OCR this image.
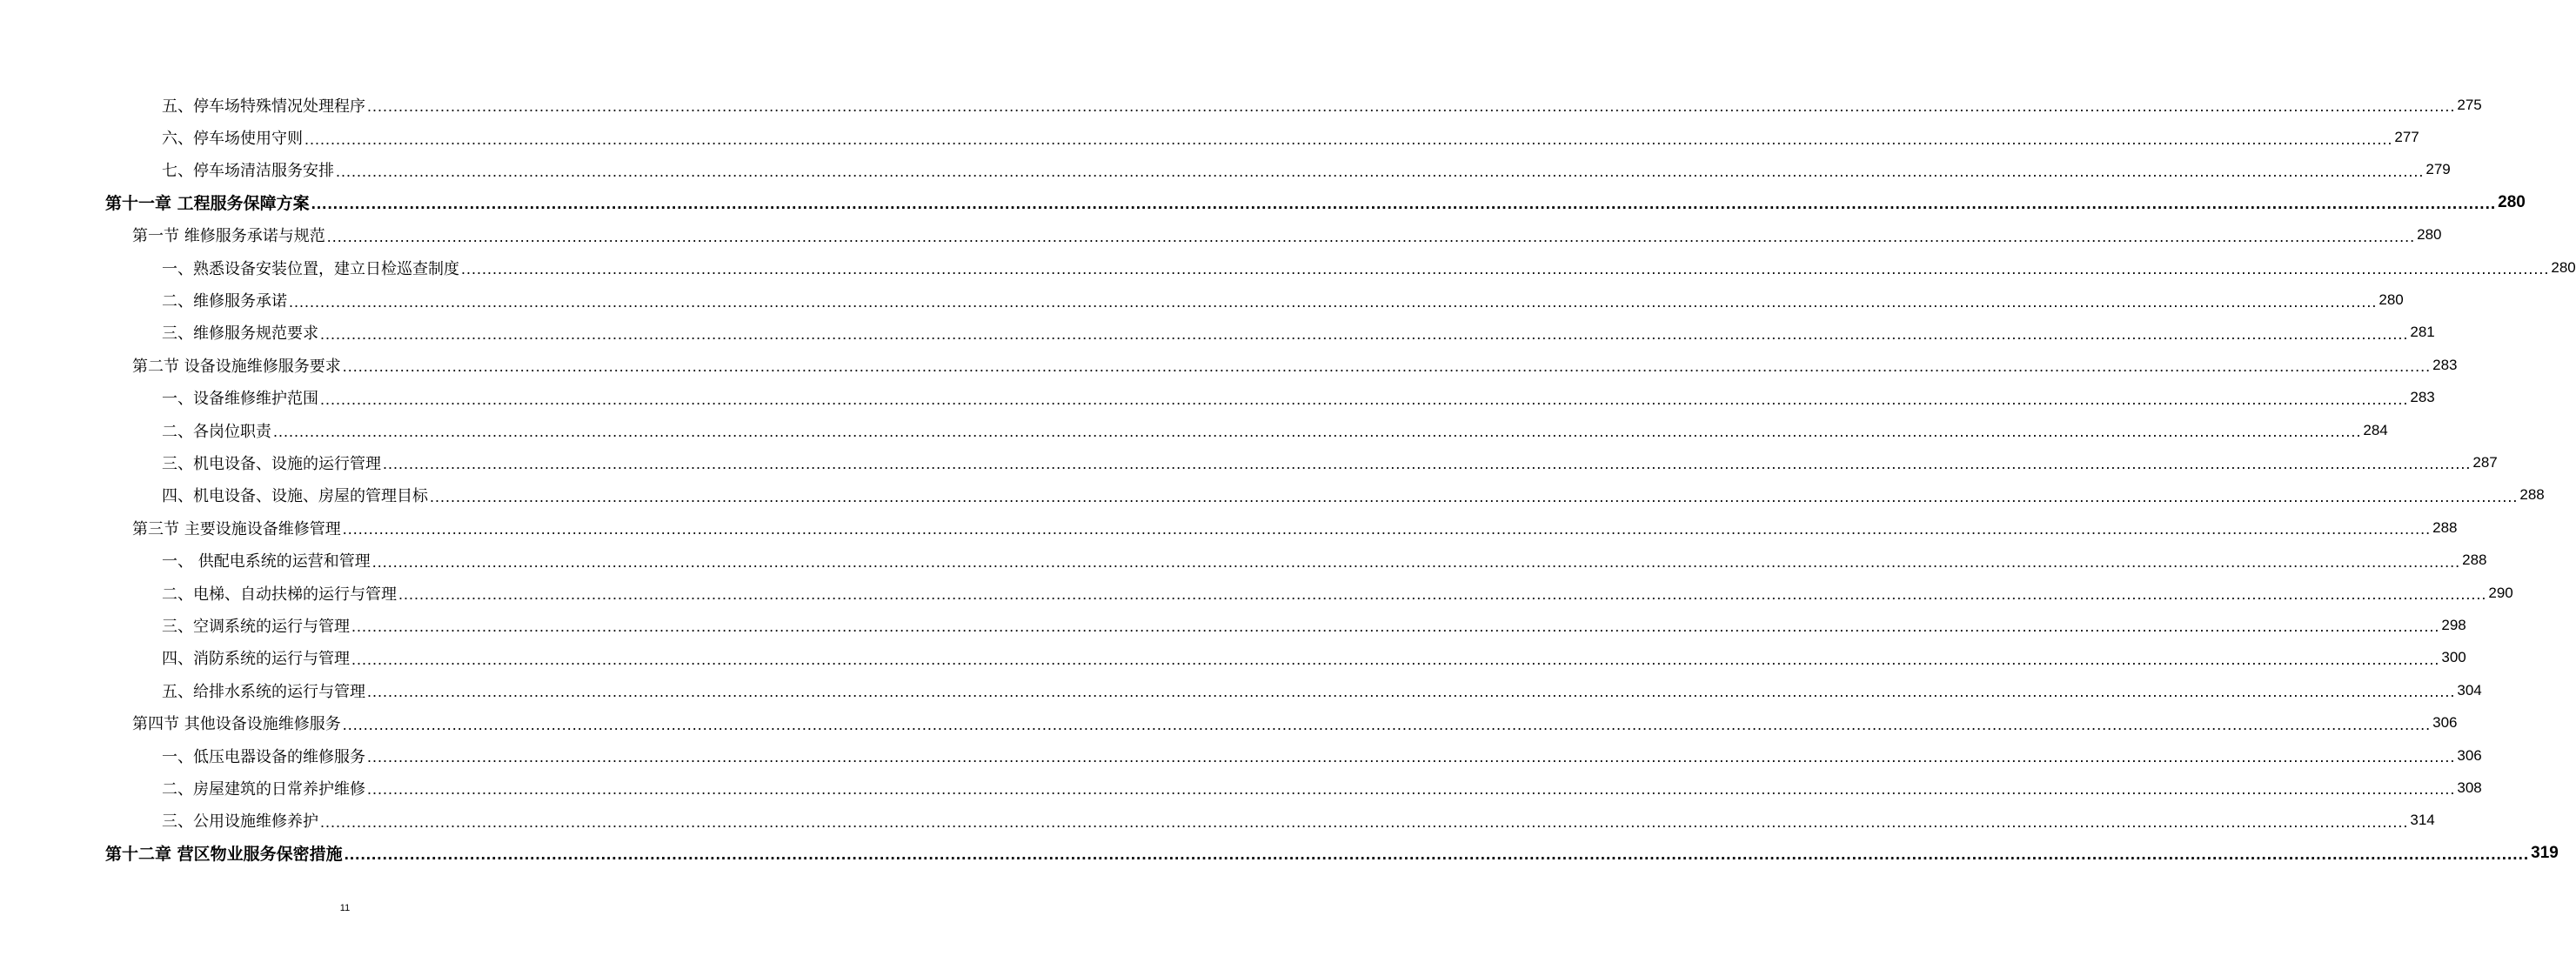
五、停车场特殊情况处理程序 ................................................................................................................................................................................................................................................................................................................................................................................................................ 275
六、停车场使用守则 ................................................................................................................................................................................................................................................................................................................................................................................................................ 277
七、停车场清洁服务安排 ................................................................................................................................................................................................................................................................................................................................................................................................................ 279
第十一章 工程服务保障方案 ................................................................................................................................................................................................................................................................................................................................................................................................................ 280
第一节 维修服务承诺与规范 ................................................................................................................................................................................................................................................................................................................................................................................................................ 280
一、熟悉设备安装位置，建立日检巡查制度 ................................................................................................................................................................................................................................................................................................................................................................................................................ 280
二、维修服务承诺 ................................................................................................................................................................................................................................................................................................................................................................................................................ 280
三、维修服务规范要求 ................................................................................................................................................................................................................................................................................................................................................................................................................ 281
第二节 设备设施维修服务要求 ................................................................................................................................................................................................................................................................................................................................................................................................................ 283
一、设备维修维护范围 ................................................................................................................................................................................................................................................................................................................................................................................................................ 283
二、各岗位职责 ................................................................................................................................................................................................................................................................................................................................................................................................................ 284
三、机电设备、设施的运行管理 ................................................................................................................................................................................................................................................................................................................................................................................................................ 287
四、机电设备、设施、房屋的管理目标 ................................................................................................................................................................................................................................................................................................................................................................................................................ 288
第三节 主要设施设备维修管理 ................................................................................................................................................................................................................................................................................................................................................................................................................ 288
一、 供配电系统的运营和管理 ................................................................................................................................................................................................................................................................................................................................................................................................................ 288
二、电梯、自动扶梯的运行与管理 ................................................................................................................................................................................................................................................................................................................................................................................................................ 290
三、空调系统的运行与管理 ................................................................................................................................................................................................................................................................................................................................................................................................................ 298
四、消防系统的运行与管理 ................................................................................................................................................................................................................................................................................................................................................................................................................ 300
五、给排水系统的运行与管理 ................................................................................................................................................................................................................................................................................................................................................................................................................ 304
第四节 其他设备设施维修服务 ................................................................................................................................................................................................................................................................................................................................................................................................................ 306
一、低压电器设备的维修服务 ................................................................................................................................................................................................................................................................................................................................................................................................................ 306
二、房屋建筑的日常养护维修 ................................................................................................................................................................................................................................................................................................................................................................................................................ 308
三、公用设施维修养护 ................................................................................................................................................................................................................................................................................................................................................................................................................ 314
第十二章 营区物业服务保密措施 ................................................................................................................................................................................................................................................................................................................................................................................................................ 319
11
